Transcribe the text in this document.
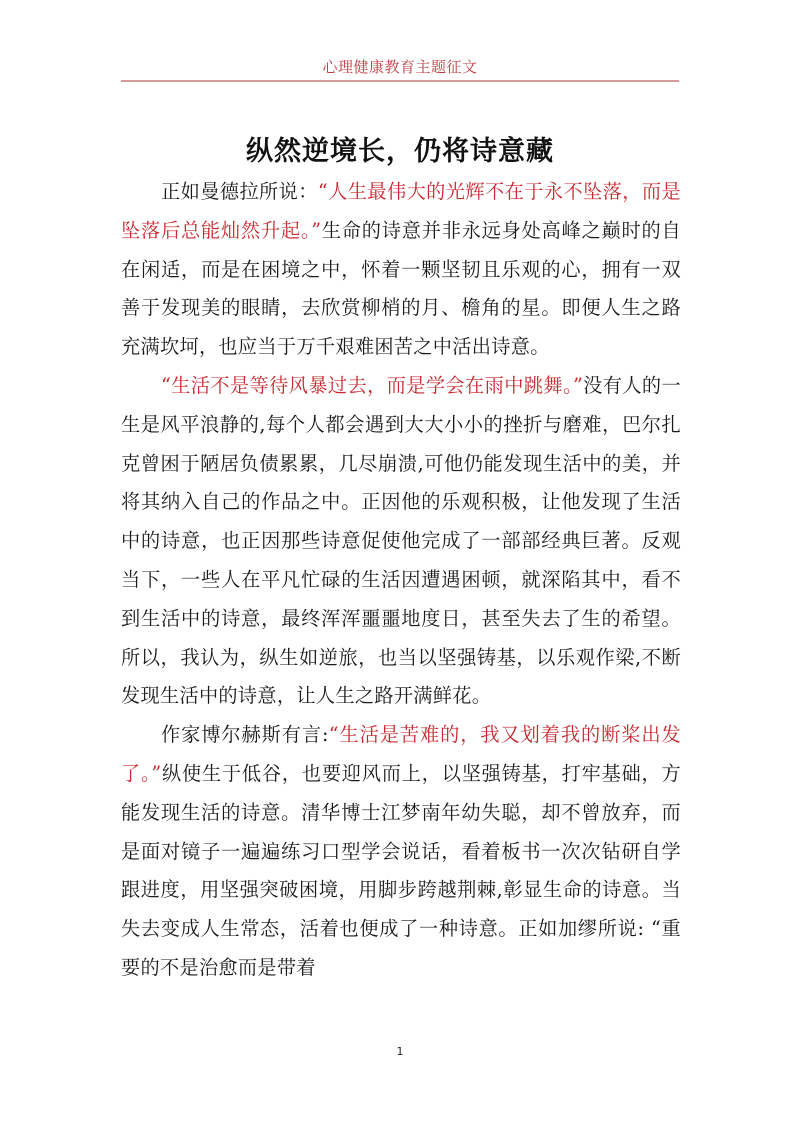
心理健康教育主题征文
纵然逆境长，仍将诗意藏

正如曼德拉所说：“人生最伟大的光辉不在于永不坠落，而是坠落后总能灿然升起。”生命的诗意并非永远身处高峰之巅时的自在闲适，而是在困境之中，怀着一颗坚韧且乐观的心，拥有一双善于发现美的眼睛，去欣赏柳梢的月、檐角的星。即便人生之路充满坎坷，也应当于万千艰难困苦之中活出诗意。

“生活不是等待风暴过去，而是学会在雨中跳舞。”没有人的一生是风平浪静的,每个人都会遇到大大小小的挫折与磨难，巴尔扎克曾困于陋居负债累累，几尽崩溃,可他仍能发现生活中的美，并将其纳入自己的作品之中。正因他的乐观积极，让他发现了生活中的诗意，也正因那些诗意促使他完成了一部部经典巨著。反观当下，一些人在平凡忙碌的生活因遭遇困顿，就深陷其中，看不到生活中的诗意，最终浑浑噩噩地度日，甚至失去了生的希望。所以，我认为，纵生如逆旅，也当以坚强铸基，以乐观作梁,不断发现生活中的诗意，让人生之路开满鲜花。

作家博尔赫斯有言:“生活是苦难的，我又划着我的断桨出发了。”纵使生于低谷，也要迎风而上，以坚强铸基，打牢基础，方能发现生活的诗意。清华博士江梦南年幼失聪，却不曾放弃，而是面对镜子一遍遍练习口型学会说话，看着板书一次次钻研自学跟进度，用坚强突破困境，用脚步跨越荆棘,彰显生命的诗意。当失去变成人生常态，活着也便成了一种诗意。正如加缪所说: “重要的不是治愈而是带着

1
